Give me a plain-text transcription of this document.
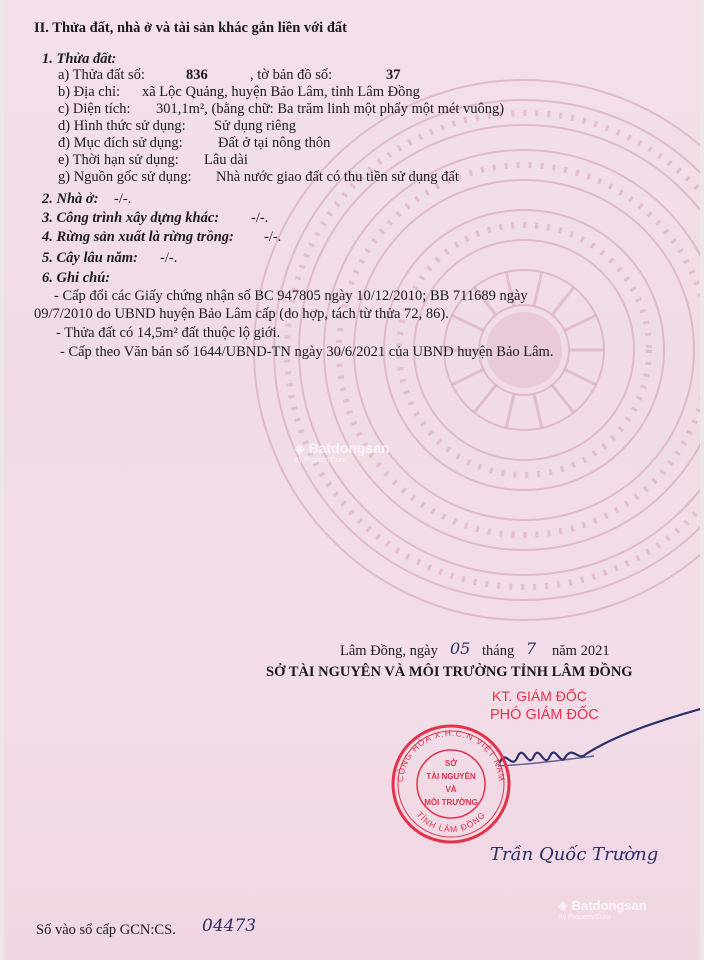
II. Thửa đất, nhà ở và tài sản khác gắn liền với đất
1. Thửa đất:
a) Thửa đất số:	836	, tờ bản đồ số:	37
b) Địa chỉ: xã Lộc Quảng, huyện Bảo Lâm, tỉnh Lâm Đồng
c) Diện tích: 301,1m², (bằng chữ: Ba trăm linh một phẩy một mét vuông)
d) Hình thức sử dụng: Sử dụng riêng
đ) Mục đích sử dụng: Đất ở tại nông thôn
e) Thời hạn sử dụng: Lâu dài
g) Nguồn gốc sử dụng: Nhà nước giao đất có thu tiền sử dụng đất
2. Nhà ở: -/-.
3. Công trình xây dựng khác: -/-.
4. Rừng sản xuất là rừng trồng: -/-.
5. Cây lâu năm: -/-.
6. Ghi chú:
- Cấp đổi các Giấy chứng nhận số BC 947805 ngày 10/12/2010; BB 711689 ngày
09/7/2010 do UBND huyện Bảo Lâm cấp (do hợp, tách từ thửa 72, 86).
- Thửa đất có 14,5m² đất thuộc lộ giới.
- Cấp theo Văn bản số 1644/UBND-TN ngày 30/6/2021 của UBND huyện Bảo Lâm.
Lâm Đồng, ngày 05 tháng 7 năm 2021
SỞ TÀI NGUYÊN VÀ MÔI TRƯỜNG TỈNH LÂM ĐỒNG
KT. GIÁM ĐỐC
PHÓ GIÁM ĐỐC
CỘNG HÒA X.H.C.N VIỆT NAM
TỈNH LÂM ĐỒNG
SỞ
TÀI NGUYÊN
VÀ
MÔI TRƯỜNG
Trần Quốc Trường
Số vào sổ cấp GCN:CS. 04473
◈ Batdongsan
By PropertyGuru
◈ Batdongsan
By PropertyGuru
